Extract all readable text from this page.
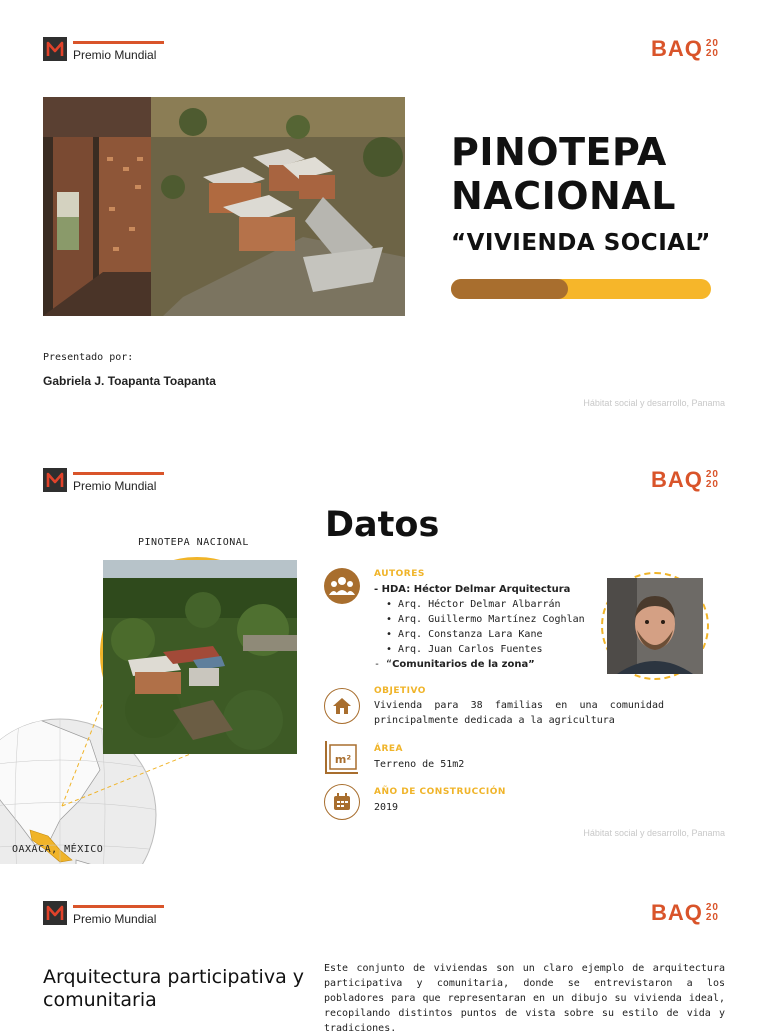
Premio Mundial	BAQ 20
20
PINOTEPA
NACIONAL
“VIVIENDA SOCIAL”
Presentado por:
Gabriela J. Toapanta Toapanta
Hábitat social y desarrollo, Panama
Premio Mundial	BAQ 20
20
Datos
PINOTEPA NACIONAL
OAXACA, MÉXICO
AUTORES
- HDA: Héctor Delmar Arquitectura
• Arq. Héctor Delmar Albarrán
• Arq. Guillermo Martínez Coghlan
• Arq. Constanza Lara Kane
• Arq. Juan Carlos Fuentes
- “Comunitarios de la zona”
OBJETIVO
Vivienda para 38 familias en una comunidad principalmente dedicada a la agricultura
m²
ÁREA
Terreno de 51m2
AÑO DE CONSTRUCCIÓN
2019
Hábitat social y desarrollo, Panama
Premio Mundial	BAQ 20
20
Arquitectura participativa y comunitaria
Este conjunto de viviendas son un claro ejemplo de arquitectura participativa y comunitaria, donde se entrevistaron a los pobladores para que representaran en un dibujo su vivienda ideal, recopilando distintos puntos de vista sobre su estilo de vida y tradiciones.
